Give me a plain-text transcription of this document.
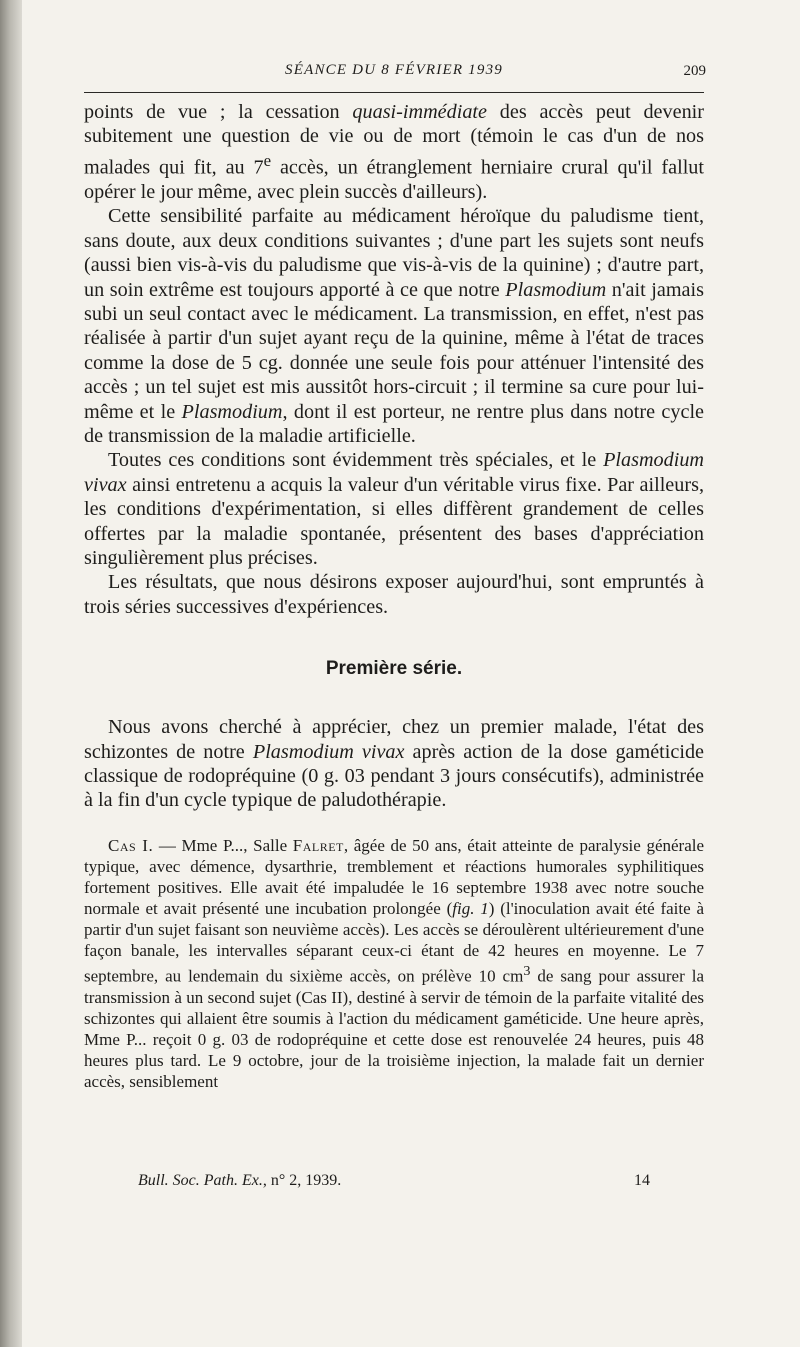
SÉANCE DU 8 FÉVRIER 1939	209

points de vue ; la cessation quasi-immédiate des accès peut devenir subitement une question de vie ou de mort (témoin le cas d'un de nos malades qui fit, au 7e accès, un étranglement herniaire crural qu'il fallut opérer le jour même, avec plein succès d'ailleurs).

Cette sensibilité parfaite au médicament héroïque du paludisme tient, sans doute, aux deux conditions suivantes ; d'une part les sujets sont neufs (aussi bien vis-à-vis du paludisme que vis-à-vis de la quinine) ; d'autre part, un soin extrême est toujours apporté à ce que notre Plasmodium n'ait jamais subi un seul contact avec le médicament. La transmission, en effet, n'est pas réalisée à partir d'un sujet ayant reçu de la quinine, même à l'état de traces comme la dose de 5 cg. donnée une seule fois pour atténuer l'intensité des accès ; un tel sujet est mis aussitôt hors-circuit ; il termine sa cure pour lui-même et le Plasmodium, dont il est porteur, ne rentre plus dans notre cycle de transmission de la maladie artificielle.

Toutes ces conditions sont évidemment très spéciales, et le Plasmodium vivax ainsi entretenu a acquis la valeur d'un véritable virus fixe. Par ailleurs, les conditions d'expérimentation, si elles diffèrent grandement de celles offertes par la maladie spontanée, présentent des bases d'appréciation singulièrement plus précises.

Les résultats, que nous désirons exposer aujourd'hui, sont empruntés à trois séries successives d'expériences.

Première série.

Nous avons cherché à apprécier, chez un premier malade, l'état des schizontes de notre Plasmodium vivax après action de la dose gaméticide classique de rodopréquine (0 g. 03 pendant 3 jours consécutifs), administrée à la fin d'un cycle typique de paludothérapie.

Cas I. — Mme P..., Salle Falret, âgée de 50 ans, était atteinte de paralysie générale typique, avec démence, dysarthrie, tremblement et réactions humorales syphilitiques fortement positives. Elle avait été impaludée le 16 septembre 1938 avec notre souche normale et avait présenté une incubation prolongée (fig. 1) (l'inoculation avait été faite à partir d'un sujet faisant son neuvième accès). Les accès se déroulèrent ultérieurement d'une façon banale, les intervalles séparant ceux-ci étant de 42 heures en moyenne. Le 7 septembre, au lendemain du sixième accès, on prélève 10 $cm^3$ de sang pour assurer la transmission à un second sujet (Cas II), destiné à servir de témoin de la parfaite vitalité des schizontes qui allaient être soumis à l'action du médicament gaméticide. Une heure après, Mme P... reçoit 0 g. 03 de rodopréquine et cette dose est renouvelée 24 heures, puis 48 heures plus tard. Le 9 octobre, jour de la troisième injection, la malade fait un dernier accès, sensiblement

Bull. Soc. Path. Ex., n° 2, 1939.	14
